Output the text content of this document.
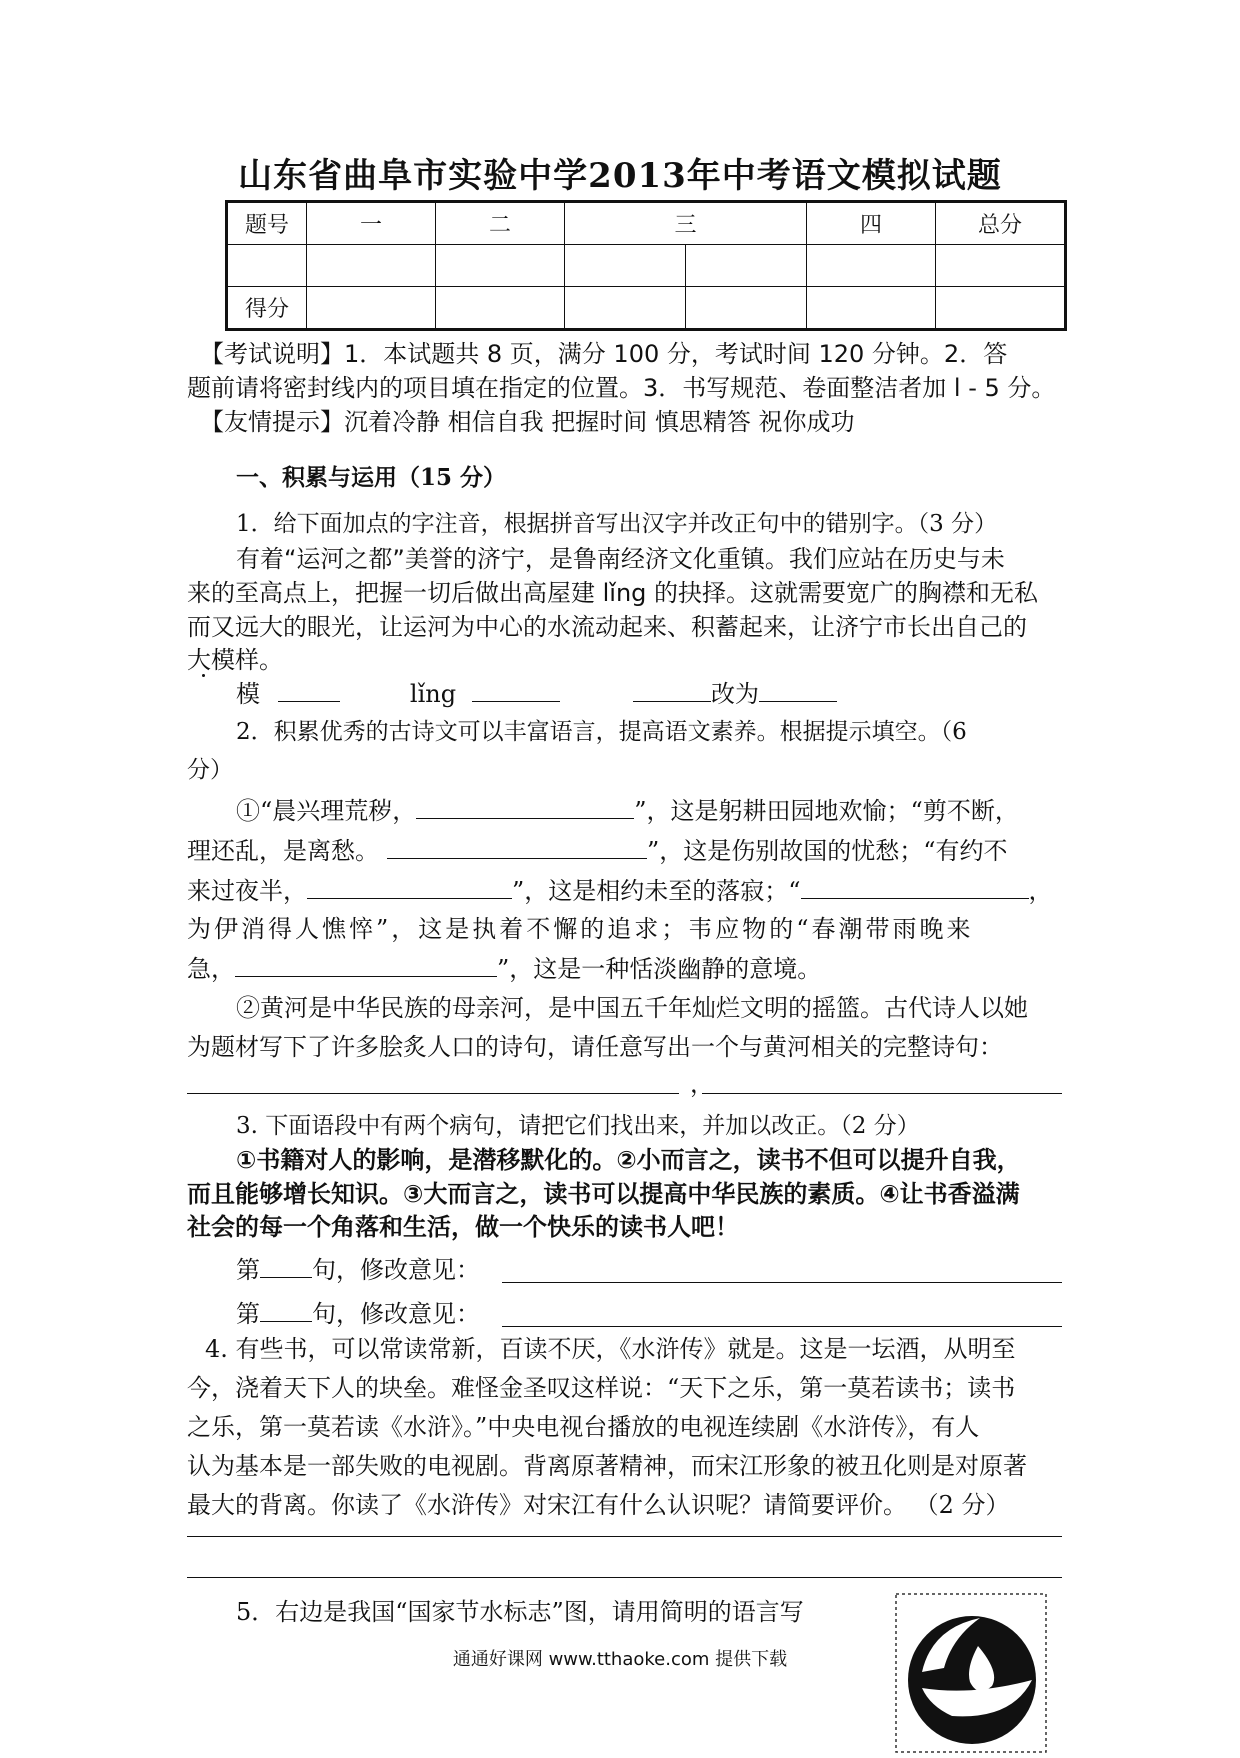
山东省曲阜市实验中学2013年中考语文模拟试题
题号	一	二	三		四	总分

得分						
【考试说明】1．本试题共 8 页，满分 100 分，考试时间 120 分钟。2．答
题前请将密封线内的项目填在指定的位置。3．书写规范、卷面整洁者加 l - 5 分。
【友情提示】沉着冷静 相信自我 把握时间 慎思精答 祝你成功
一、积累与运用（15 分）
1．给下面加点的字注音，根据拼音写出汉字并改正句中的错别字。（3 分）
有着“运河之都”美誉的济宁，是鲁南经济文化重镇。我们应站在历史与未
来的至高点上，把握一切后做出高屋建 lǐng 的抉择。这就需要宽广的胸襟和无私
而又远大的眼光，让运河为中心的水流动起来、积蓄起来，让济宁市长出自己的
大模样。
模	lǐng	改为
2．积累优秀的古诗文可以丰富语言，提高语文素养。根据提示填空。（6
分）
①“晨兴理荒秽，	”，这是躬耕田园地欢愉；“剪不断，
理还乱，是离愁。	”，这是伤别故国的忧愁；“有约不
来过夜半，	”，这是相约未至的落寂；“	，
为伊消得人憔悴”，这是执着不懈的追求；韦应物的“春潮带雨晚来
急，	”，这是一种恬淡幽静的意境。
②黄河是中华民族的母亲河，是中国五千年灿烂文明的摇篮。古代诗人以她
为题材写下了许多脍炙人口的诗句，请任意写出一个与黄河相关的完整诗句：
，
3. 下面语段中有两个病句，请把它们找出来，并加以改正。（2 分）
①书籍对人的影响，是潜移默化的。②小而言之，读书不但可以提升自我，
而且能够增长知识。③大而言之，读书可以提高中华民族的素质。④让书香溢满
社会的每一个角落和生活，做一个快乐的读书人吧！
第 句，修改意见：
第 句，修改意见：
4. 有些书，可以常读常新，百读不厌，《水浒传》就是。这是一坛酒，从明至
今，浇着天下人的块垒。难怪金圣叹这样说：“天下之乐，第一莫若读书；读书
之乐，第一莫若读《水浒》。”中央电视台播放的电视连续剧《水浒传》，有人
认为基本是一部失败的电视剧。背离原著精神，而宋江形象的被丑化则是对原著
最大的背离。你读了《水浒传》对宋江有什么认识呢？请简要评价。 （2 分）
5．右边是我国“国家节水标志”图，请用简明的语言写
通通好课网 www.tthaoke.com 提供下载
